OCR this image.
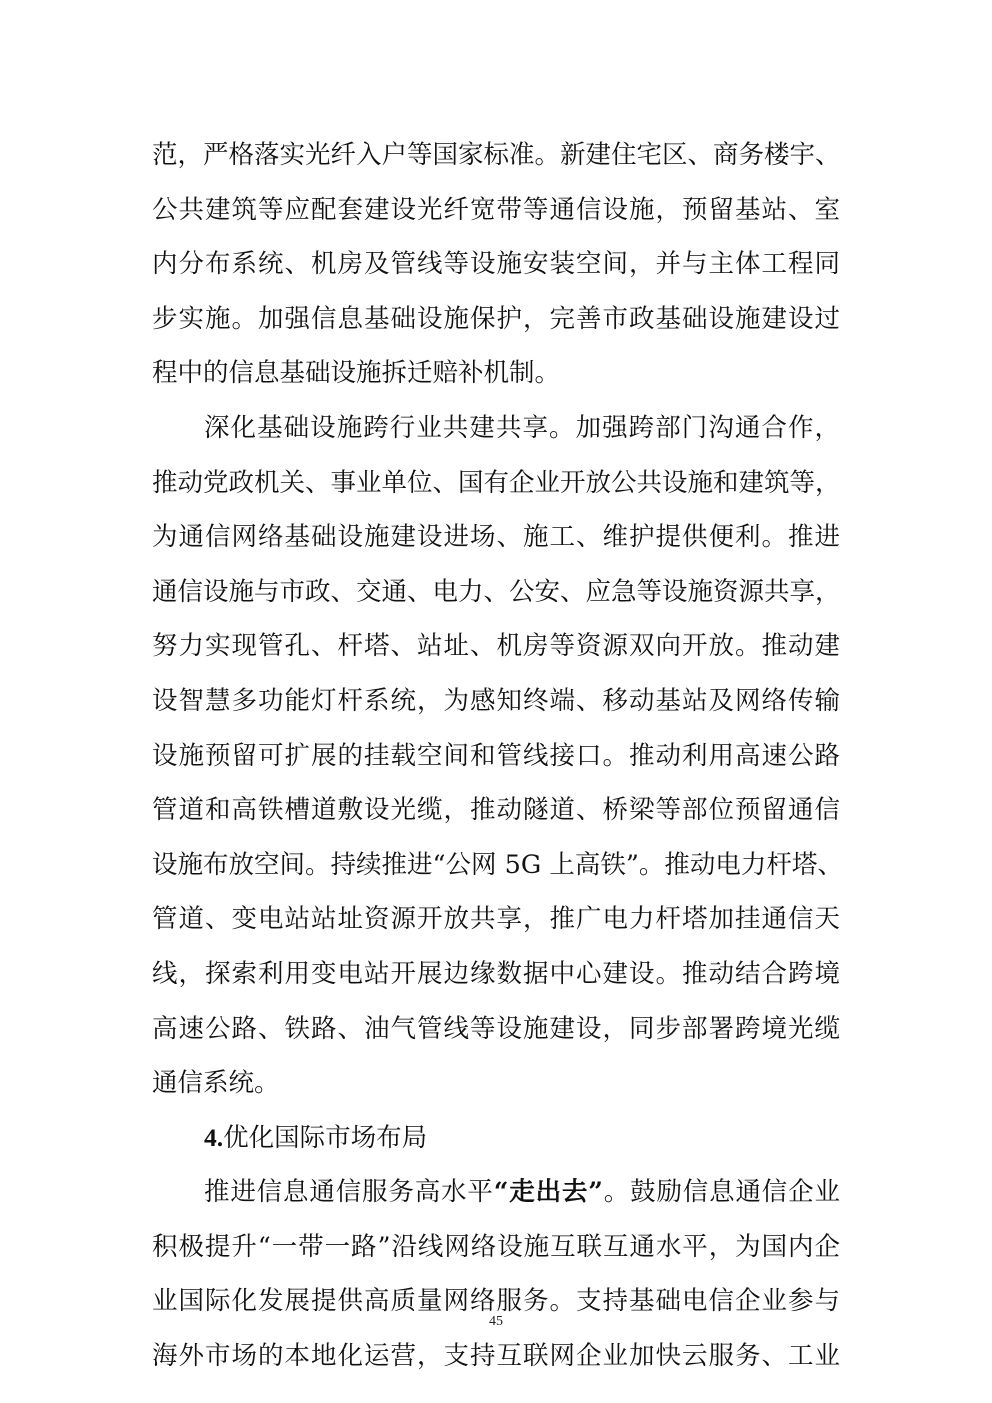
范，严格落实光纤入户等国家标准。新建住宅区、商务楼宇、
公共建筑等应配套建设光纤宽带等通信设施，预留基站、室
内分布系统、机房及管线等设施安装空间，并与主体工程同
步实施。加强信息基础设施保护，完善市政基础设施建设过
程中的信息基础设施拆迁赔补机制。
深化基础设施跨行业共建共享。加强跨部门沟通合作，
推动党政机关、事业单位、国有企业开放公共设施和建筑等，
为通信网络基础设施建设进场、施工、维护提供便利。推进
通信设施与市政、交通、电力、公安、应急等设施资源共享，
努力实现管孔、杆塔、站址、机房等资源双向开放。推动建
设智慧多功能灯杆系统，为感知终端、移动基站及网络传输
设施预留可扩展的挂载空间和管线接口。推动利用高速公路
管道和高铁槽道敷设光缆，推动隧道、桥梁等部位预留通信
设施布放空间。持续推进“公网 5G 上高铁”。推动电力杆塔、
管道、变电站站址资源开放共享，推广电力杆塔加挂通信天
线，探索利用变电站开展边缘数据中心建设。推动结合跨境
高速公路、铁路、油气管线等设施建设，同步部署跨境光缆
通信系统。
4.优化国际市场布局
推进信息通信服务高水平“走出去”。鼓励信息通信企业
积极提升“一带一路”沿线网络设施互联互通水平，为国内企
业国际化发展提供高质量网络服务。支持基础电信企业参与
海外市场的本地化运营，支持互联网企业加快云服务、工业
45
